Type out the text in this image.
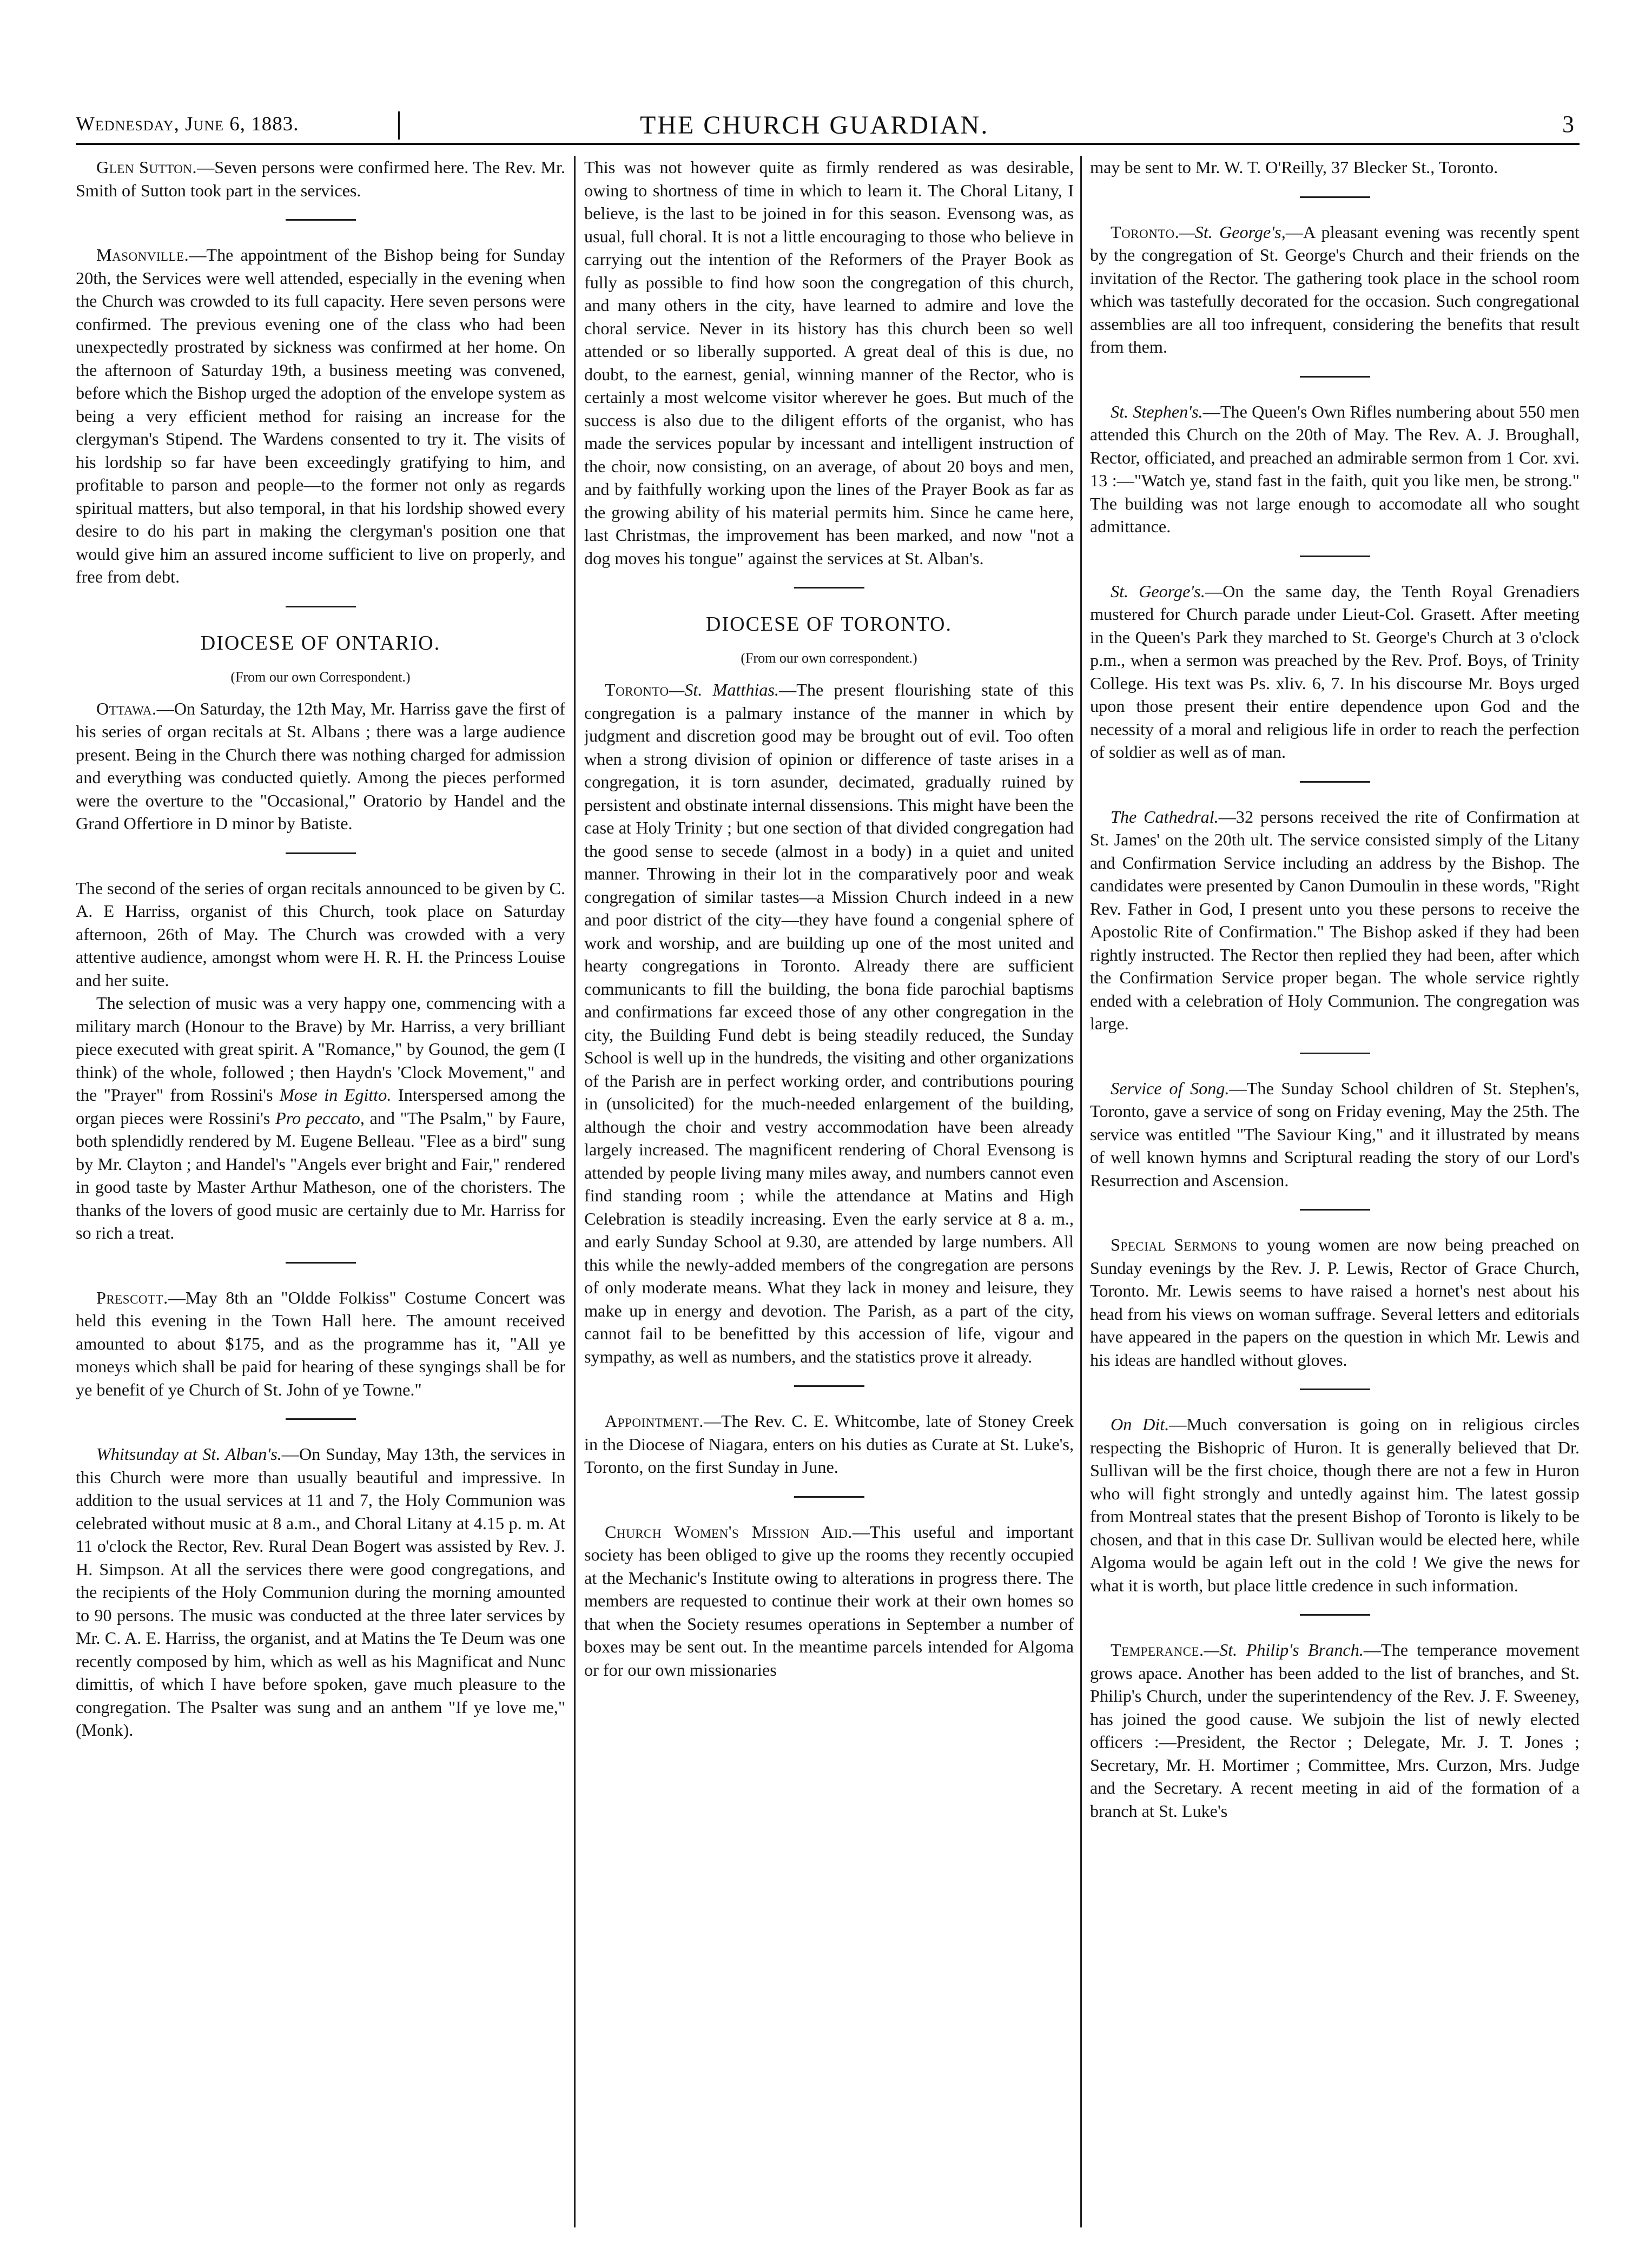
Wednesday, June 6, 1883.	THE CHURCH GUARDIAN.	3

Glen Sutton.—Seven persons were confirmed here. The Rev. Mr. Smith of Sutton took part in the services.

Masonville.—The appointment of the Bishop being for Sunday 20th, the Services were well attended, especially in the evening when the Church was crowded to its full capacity. Here seven persons were confirmed. The previous evening one of the class who had been unexpectedly prostrated by sickness was confirmed at her home. On the afternoon of Saturday 19th, a business meeting was convened, before which the Bishop urged the adoption of the envelope system as being a very efficient method for raising an increase for the clergyman's Stipend. The Wardens consented to try it. The visits of his lordship so far have been exceedingly gratifying to him, and profitable to parson and people—to the former not only as regards spiritual matters, but also temporal, in that his lordship showed every desire to do his part in making the clergyman's position one that would give him an assured income sufficient to live on properly, and free from debt.

DIOCESE OF ONTARIO.
(From our own Correspondent.)

Ottawa.—On Saturday, the 12th May, Mr. Harriss gave the first of his series of organ recitals at St. Albans ; there was a large audience present. Being in the Church there was nothing charged for admission and everything was conducted quietly. Among the pieces performed were the overture to the "Occasional," Oratorio by Handel and the Grand Offertiore in D minor by Batiste.

The second of the series of organ recitals announced to be given by C. A. E Harriss, organist of this Church, took place on Saturday afternoon, 26th of May. The Church was crowded with a very attentive audience, amongst whom were H. R. H. the Princess Louise and her suite.

The selection of music was a very happy one, commencing with a military march (Honour to the Brave) by Mr. Harriss, a very brilliant piece executed with great spirit. A "Romance," by Gounod, the gem (I think) of the whole, followed ; then Haydn's 'Clock Movement," and the "Prayer" from Rossini's Mose in Egitto. Interspersed among the organ pieces were Rossini's Pro peccato, and "The Psalm," by Faure, both splendidly rendered by M. Eugene Belleau. "Flee as a bird" sung by Mr. Clayton ; and Handel's "Angels ever bright and Fair," rendered in good taste by Master Arthur Matheson, one of the choristers. The thanks of the lovers of good music are certainly due to Mr. Harriss for so rich a treat.

Prescott.—May 8th an "Oldde Folkiss" Costume Concert was held this evening in the Town Hall here. The amount received amounted to about $175, and as the programme has it, "All ye moneys which shall be paid for hearing of these syngings shall be for ye benefit of ye Church of St. John of ye Towne."

Whitsunday at St. Alban's.—On Sunday, May 13th, the services in this Church were more than usually beautiful and impressive. In addition to the usual services at 11 and 7, the Holy Communion was celebrated without music at 8 a.m., and Choral Litany at 4.15 p. m. At 11 o'clock the Rector, Rev. Rural Dean Bogert was assisted by Rev. J. H. Simpson. At all the services there were good congregations, and the recipients of the Holy Communion during the morning amounted to 90 persons. The music was conducted at the three later services by Mr. C. A. E. Harriss, the organist, and at Matins the Te Deum was one recently composed by him, which as well as his Magnificat and Nunc dimittis, of which I have before spoken, gave much pleasure to the congregation. The Psalter was sung and an anthem "If ye love me," (Monk).

This was not however quite as firmly rendered as was desirable, owing to shortness of time in which to learn it. The Choral Litany, I believe, is the last to be joined in for this season. Evensong was, as usual, full choral. It is not a little encouraging to those who believe in carrying out the intention of the Reformers of the Prayer Book as fully as possible to find how soon the congregation of this church, and many others in the city, have learned to admire and love the choral service. Never in its history has this church been so well attended or so liberally supported. A great deal of this is due, no doubt, to the earnest, genial, winning manner of the Rector, who is certainly a most welcome visitor wherever he goes. But much of the success is also due to the diligent efforts of the organist, who has made the services popular by incessant and intelligent instruction of the choir, now consisting, on an average, of about 20 boys and men, and by faithfully working upon the lines of the Prayer Book as far as the growing ability of his material permits him. Since he came here, last Christmas, the improvement has been marked, and now "not a dog moves his tongue" against the services at St. Alban's.

DIOCESE OF TORONTO.
(From our own correspondent.)

Toronto—St. Matthias.—The present flourishing state of this congregation is a palmary instance of the manner in which by judgment and discretion good may be brought out of evil. Too often when a strong division of opinion or difference of taste arises in a congregation, it is torn asunder, decimated, gradually ruined by persistent and obstinate internal dissensions. This might have been the case at Holy Trinity ; but one section of that divided congregation had the good sense to secede (almost in a body) in a quiet and united manner. Throwing in their lot in the comparatively poor and weak congregation of similar tastes—a Mission Church indeed in a new and poor district of the city—they have found a congenial sphere of work and worship, and are building up one of the most united and hearty congregations in Toronto. Already there are sufficient communicants to fill the building, the bona fide parochial baptisms and confirmations far exceed those of any other congregation in the city, the Building Fund debt is being steadily reduced, the Sunday School is well up in the hundreds, the visiting and other organizations of the Parish are in perfect working order, and contributions pouring in (unsolicited) for the much-needed enlargement of the building, although the choir and vestry accommodation have been already largely increased. The magnificent rendering of Choral Evensong is attended by people living many miles away, and numbers cannot even find standing room ; while the attendance at Matins and High Celebration is steadily increasing. Even the early service at 8 a. m., and early Sunday School at 9.30, are attended by large numbers. All this while the newly-added members of the congregation are persons of only moderate means. What they lack in money and leisure, they make up in energy and devotion. The Parish, as a part of the city, cannot fail to be benefitted by this accession of life, vigour and sympathy, as well as numbers, and the statistics prove it already.

Appointment.—The Rev. C. E. Whitcombe, late of Stoney Creek in the Diocese of Niagara, enters on his duties as Curate at St. Luke's, Toronto, on the first Sunday in June.

Church Women's Mission Aid.—This useful and important society has been obliged to give up the rooms they recently occupied at the Mechanic's Institute owing to alterations in progress there. The members are requested to continue their work at their own homes so that when the Society resumes operations in September a number of boxes may be sent out. In the meantime parcels intended for Algoma or for our own missionaries

may be sent to Mr. W. T. O'Reilly, 37 Blecker St., Toronto.

Toronto.—St. George's,—A pleasant evening was recently spent by the congregation of St. George's Church and their friends on the invitation of the Rector. The gathering took place in the school room which was tastefully decorated for the occasion. Such congregational assemblies are all too infrequent, considering the benefits that result from them.

St. Stephen's.—The Queen's Own Rifles numbering about 550 men attended this Church on the 20th of May. The Rev. A. J. Broughall, Rector, officiated, and preached an admirable sermon from 1 Cor. xvi. 13 :—"Watch ye, stand fast in the faith, quit you like men, be strong." The building was not large enough to accomodate all who sought admittance.

St. George's.—On the same day, the Tenth Royal Grenadiers mustered for Church parade under Lieut-Col. Grasett. After meeting in the Queen's Park they marched to St. George's Church at 3 o'clock p.m., when a sermon was preached by the Rev. Prof. Boys, of Trinity College. His text was Ps. xliv. 6, 7. In his discourse Mr. Boys urged upon those present their entire dependence upon God and the necessity of a moral and religious life in order to reach the perfection of soldier as well as of man.

The Cathedral.—32 persons received the rite of Confirmation at St. James' on the 20th ult. The service consisted simply of the Litany and Confirmation Service including an address by the Bishop. The candidates were presented by Canon Dumoulin in these words, "Right Rev. Father in God, I present unto you these persons to receive the Apostolic Rite of Confirmation." The Bishop asked if they had been rightly instructed. The Rector then replied they had been, after which the Confirmation Service proper began. The whole service rightly ended with a celebration of Holy Communion. The congregation was large.

Service of Song.—The Sunday School children of St. Stephen's, Toronto, gave a service of song on Friday evening, May the 25th. The service was entitled "The Saviour King," and it illustrated by means of well known hymns and Scriptural reading the story of our Lord's Resurrection and Ascension.

Special Sermons to young women are now being preached on Sunday evenings by the Rev. J. P. Lewis, Rector of Grace Church, Toronto. Mr. Lewis seems to have raised a hornet's nest about his head from his views on woman suffrage. Several letters and editorials have appeared in the papers on the question in which Mr. Lewis and his ideas are handled without gloves.

On Dit.—Much conversation is going on in religious circles respecting the Bishopric of Huron. It is generally believed that Dr. Sullivan will be the first choice, though there are not a few in Huron who will fight strongly and untedly against him. The latest gossip from Montreal states that the present Bishop of Toronto is likely to be chosen, and that in this case Dr. Sullivan would be elected here, while Algoma would be again left out in the cold ! We give the news for what it is worth, but place little credence in such information.

Temperance.—St. Philip's Branch.—The temperance movement grows apace. Another has been added to the list of branches, and St. Philip's Church, under the superintendency of the Rev. J. F. Sweeney, has joined the good cause. We subjoin the list of newly elected officers :—President, the Rector ; Delegate, Mr. J. T. Jones ; Secretary, Mr. H. Mortimer ; Committee, Mrs. Curzon, Mrs. Judge and the Secretary. A recent meeting in aid of the formation of a branch at St. Luke's
